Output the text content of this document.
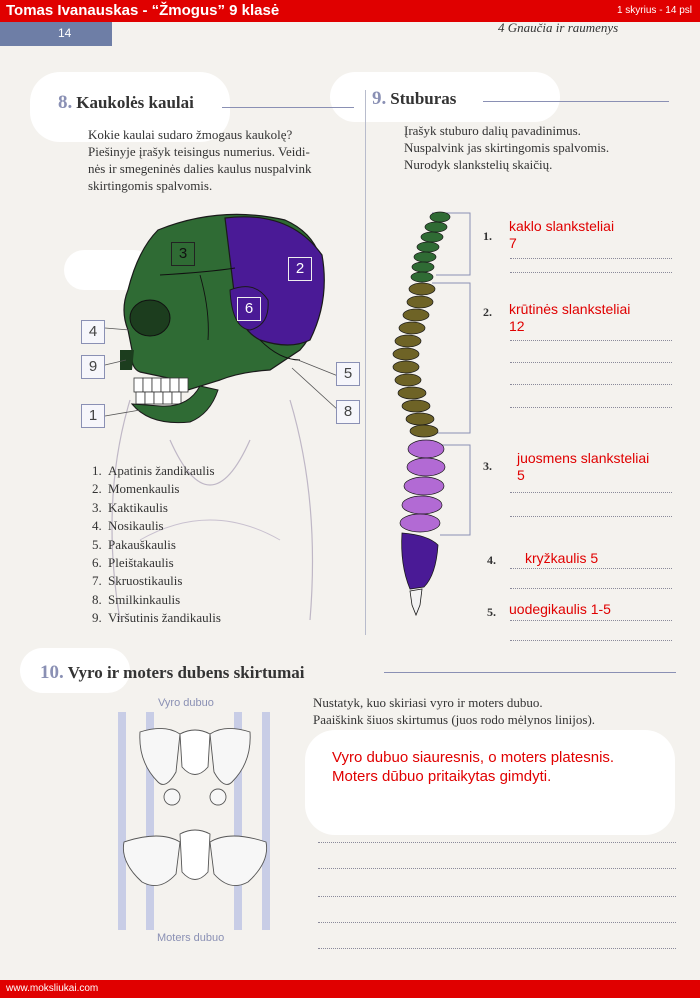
Tomas Ivanauskas - “Žmogus” 9 klasė	1 skyrius - 14 psl
14	4 Gnaučia ir raumenys
8. Kaukolės kaulai
Kokie kaulai sudaro žmogaus kaukolę?
Piešinyje įrašyk teisingus numerius. Veidi-
nės ir smegeninės dalies kaulus nuspalvink
skirtingomis spalvomis.
4
9
1
5
8
3
2
6
1. Apatinis žandikaulis
2. Momenkaulis
3. Kaktikaulis
4. Nosikaulis
5. Pakauškaulis
6. Pleištakaulis
7. Skruostikaulis
8. Smilkinkaulis
9. Viršutinis žandikaulis
9. Stuburas
Įrašyk stuburo dalių pavadinimus.
Nuspalvink jas skirtingomis spalvomis.
Nurodyk slankstelių skaičių.
1.
kaklo slanksteliai
7
2. krūtinės slanksteliai
12
3. juosmens slanksteliai
5
4. kryžkaulis 5
5. uodegikaulis 1-5
10. Vyro ir moters dubens skirtumai
Nustatyk, kuo skiriasi vyro ir moters dubuo.
Paaiškink šiuos skirtumus (juos rodo mėlynos linijos).
Vyro dubuo
Moters dubuo
Vyro dubuo siauresnis, o moters platesnis.
Moters dūbuo pritaikytas gimdyti.
www.moksliukai.com
